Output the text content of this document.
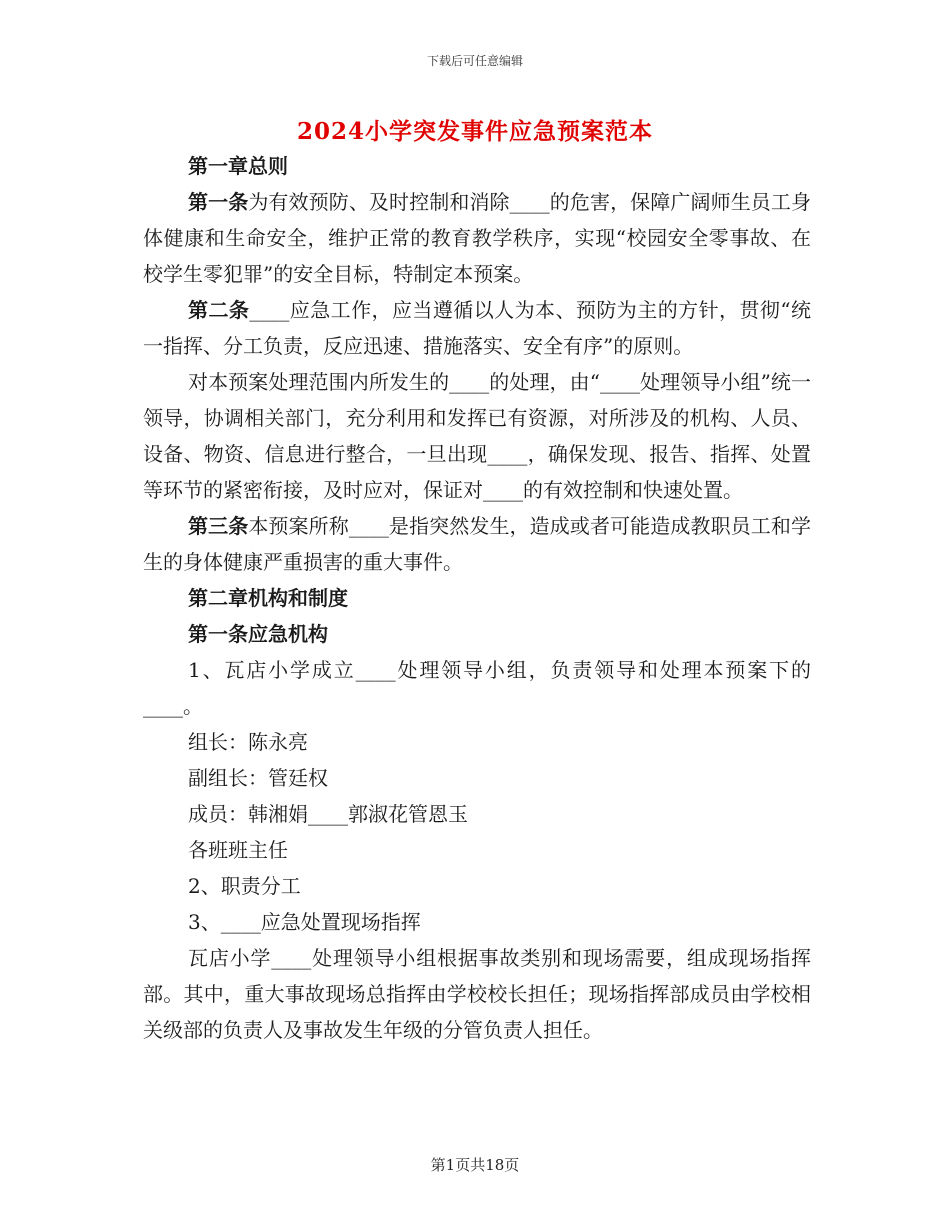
下载后可任意编辑
2024小学突发事件应急预案范本

第一章总则

第一条为有效预防、及时控制和消除____的危害，保障广阔师生员工身体健康和生命安全，维护正常的教育教学秩序，实现“校园安全零事故、在校学生零犯罪”的安全目标，特制定本预案。

第二条____应急工作，应当遵循以人为本、预防为主的方针，贯彻“统一指挥、分工负责，反应迅速、措施落实、安全有序”的原则。

对本预案处理范围内所发生的____的处理，由“____处理领导小组”统一领导，协调相关部门，充分利用和发挥已有资源，对所涉及的机构、人员、设备、物资、信息进行整合，一旦出现____，确保发现、报告、指挥、处置等环节的紧密衔接，及时应对，保证对____的有效控制和快速处置。

第三条本预案所称____是指突然发生，造成或者可能造成教职员工和学生的身体健康严重损害的重大事件。

第二章机构和制度

第一条应急机构

1、瓦店小学成立____处理领导小组，负责领导和处理本预案下的____。

组长：陈永亮

副组长：管廷权

成员：韩湘娟____郭淑花管恩玉

各班班主任

2、职责分工

3、____应急处置现场指挥

瓦店小学____处理领导小组根据事故类别和现场需要，组成现场指挥部。其中，重大事故现场总指挥由学校校长担任；现场指挥部成员由学校相关级部的负责人及事故发生年级的分管负责人担任。

第1页共18页
